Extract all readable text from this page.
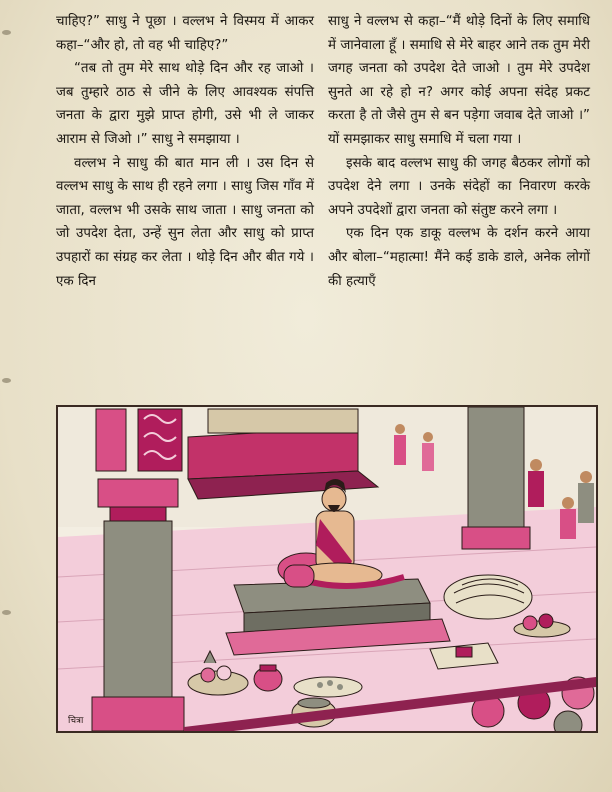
चाहिए?” साधु ने पूछा । वल्लभ ने विस्मय में आकर कहा–“और हो, तो वह भी चाहिए?”

“तब तो तुम मेरे साथ थोड़े दिन और रह जाओ । जब तुम्हारे ठाठ से जीने के लिए आवश्यक संपत्ति जनता के द्वारा मुझे प्राप्त होगी, उसे भी ले जाकर आराम से जिओ ।” साधु ने समझाया ।

वल्लभ ने साधु की बात मान ली । उस दिन से वल्लभ साधु के साथ ही रहने लगा । साधु जिस गाँव में जाता, वल्लभ भी उसके साथ जाता । साधु जनता को जो उपदेश देता, उन्हें सुन लेता और साधु को प्राप्त उपहारों का संग्रह कर लेता । थोड़े दिन और बीत गये । एक दिन

साधु ने वल्लभ से कहा–“मैं थोड़े दिनों के लिए समाधि में जानेवाला हूँ । समाधि से मेरे बाहर आने तक तुम मेरी जगह जनता को उपदेश देते जाओ । तुम मेरे उपदेश सुनते आ रहे हो न? अगर कोई अपना संदेह प्रकट करता है तो जैसे तुम से बन पड़ेगा जवाब देते जाओ ।” यों समझाकर साधु समाधि में चला गया ।

इसके बाद वल्लभ साधु की जगह बैठकर लोगों को उपदेश देने लगा । उनके संदेहों का निवारण करके अपने उपदेशों द्वारा जनता को संतुष्ट करने लगा ।

एक दिन एक डाकू वल्लभ के दर्शन करने आया और बोला–“महात्मा! मैंने कई डाके डाले, अनेक लोगों की हत्याएँ

चित्रा
